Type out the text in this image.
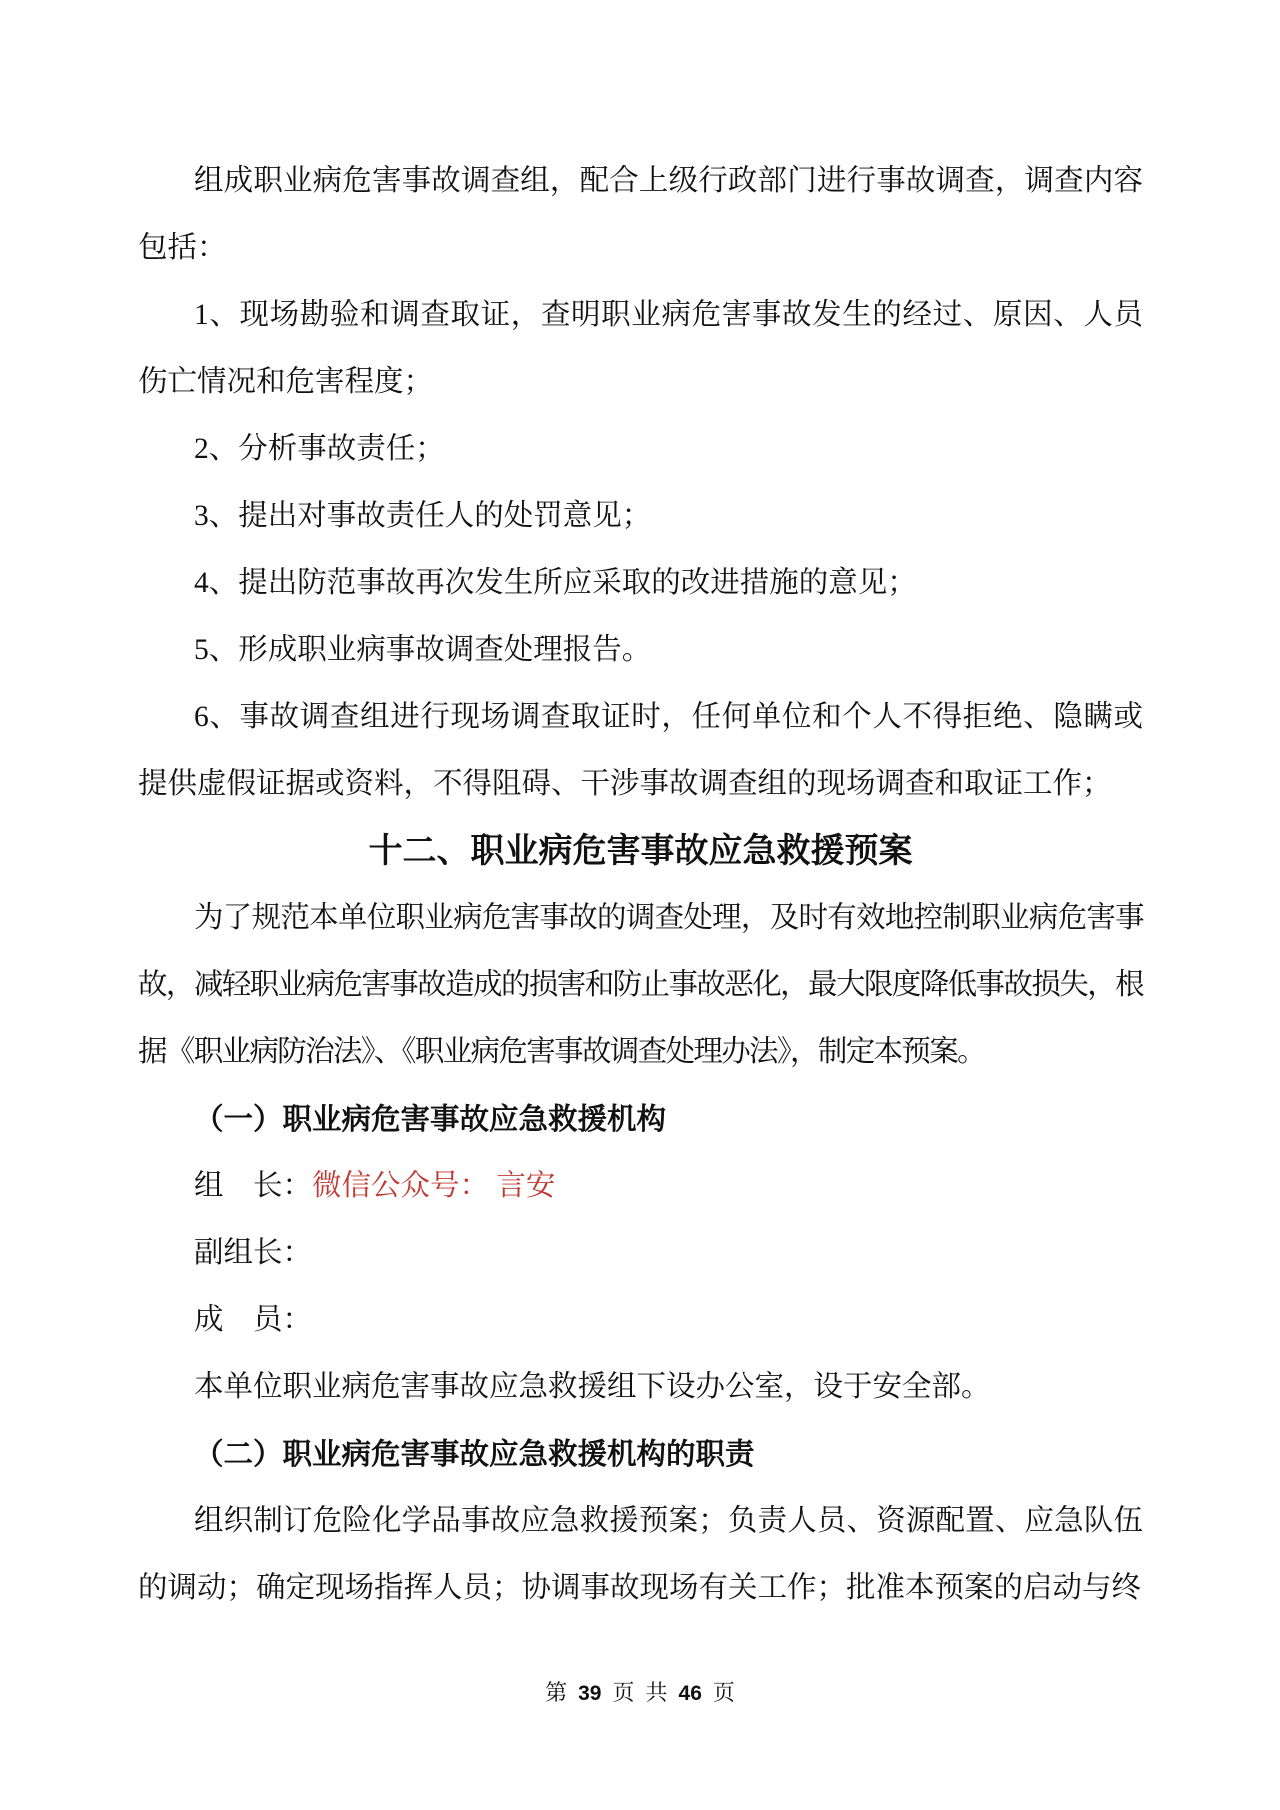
组成职业病危害事故调查组，配合上级行政部门进行事故调查，调查内容包括：

1、现场勘验和调查取证，查明职业病危害事故发生的经过、原因、人员伤亡情况和危害程度；

2、分析事故责任；

3、提出对事故责任人的处罚意见；

4、提出防范事故再次发生所应采取的改进措施的意见；

5、形成职业病事故调查处理报告。

6、事故调查组进行现场调查取证时，任何单位和个人不得拒绝、隐瞒或提供虚假证据或资料，不得阻碍、干涉事故调查组的现场调查和取证工作；

十二、职业病危害事故应急救援预案

为了规范本单位职业病危害事故的调查处理，及时有效地控制职业病危害事故，减轻职业病危害事故造成的损害和防止事故恶化，最大限度降低事故损失，根据《职业病防治法》、《职业病危害事故调查处理办法》，制定本预案。

（一）职业病危害事故应急救援机构

组　长：微信公众号： 言安

副组长：

成　员：

本单位职业病危害事故应急救援组下设办公室，设于安全部。

（二）职业病危害事故应急救援机构的职责

组织制订危险化学品事故应急救援预案；负责人员、资源配置、应急队伍的调动；确定现场指挥人员；协调事故现场有关工作；批准本预案的启动与终

第 39 页 共 46 页
